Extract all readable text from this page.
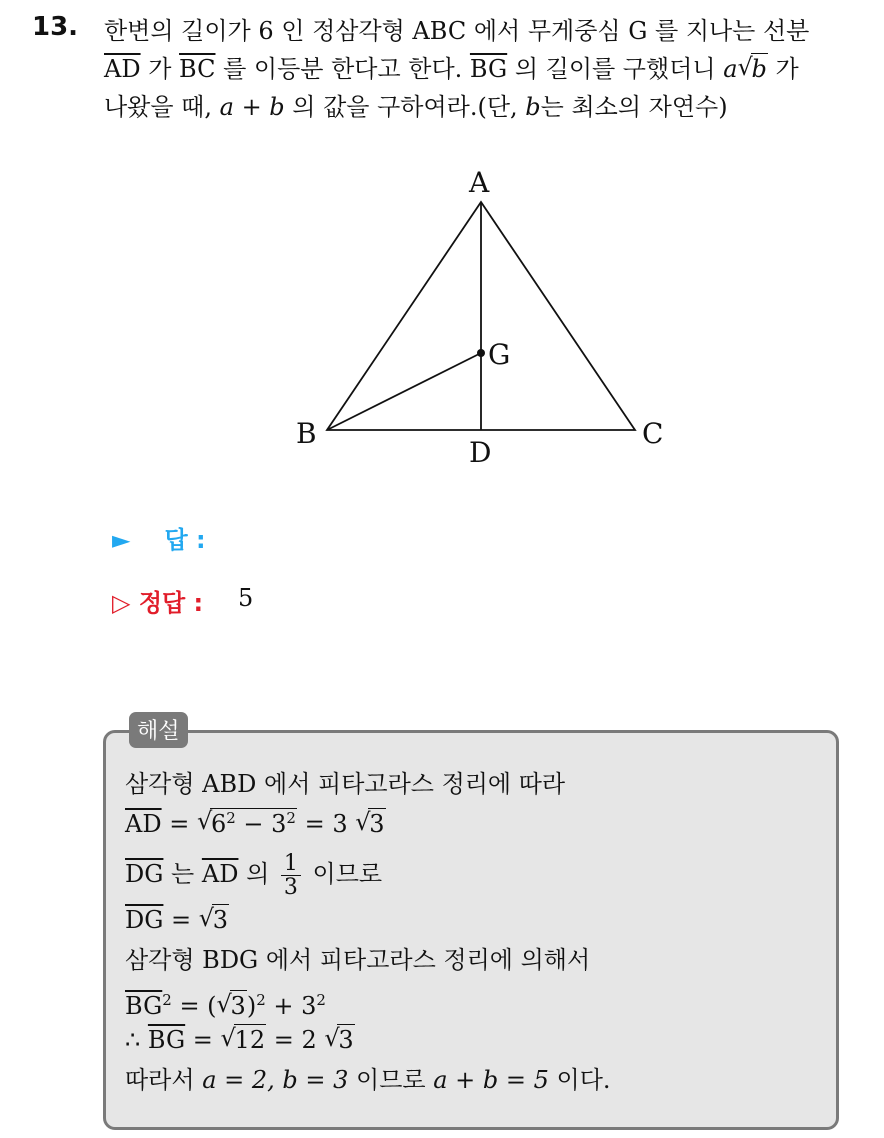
13. 한변의 길이가 6 인 정삼각형 ABC 에서 무게중심 G 를 지나는 선분
$\overline{AD}$ 가 $\overline{BC}$ 를 이등분 한다고 한다. $\overline{BG}$ 의 길이를 구했더니 a √ b 가
나왔을 때, a + b 의 값을 구하여라.(단, b는 최소의 자연수)
A
B	C
D
G
► 답 :
▷ 정답 : 5
해설
삼각형 ABD 에서 피타고라스 정리에 따라
$\overline{AD}$ = √ $6^2 - 3^2 = 3$ √ 3
$\overline{DG}$ 는 $\overline{AD}$ 의 $\frac{1}{3}$ 이므로
$\overline{DG}$ = √ 3
삼각형 BDG 에서 피타고라스 정리에 의해서
$\overline{BG}^2$ = ( √ $3)^2 + 3^2$
∴ $\overline{BG}$ = √ 12 = 2 √ 3
따라서 a = 2, b = 3 이므로 a + b = 5 이다.
